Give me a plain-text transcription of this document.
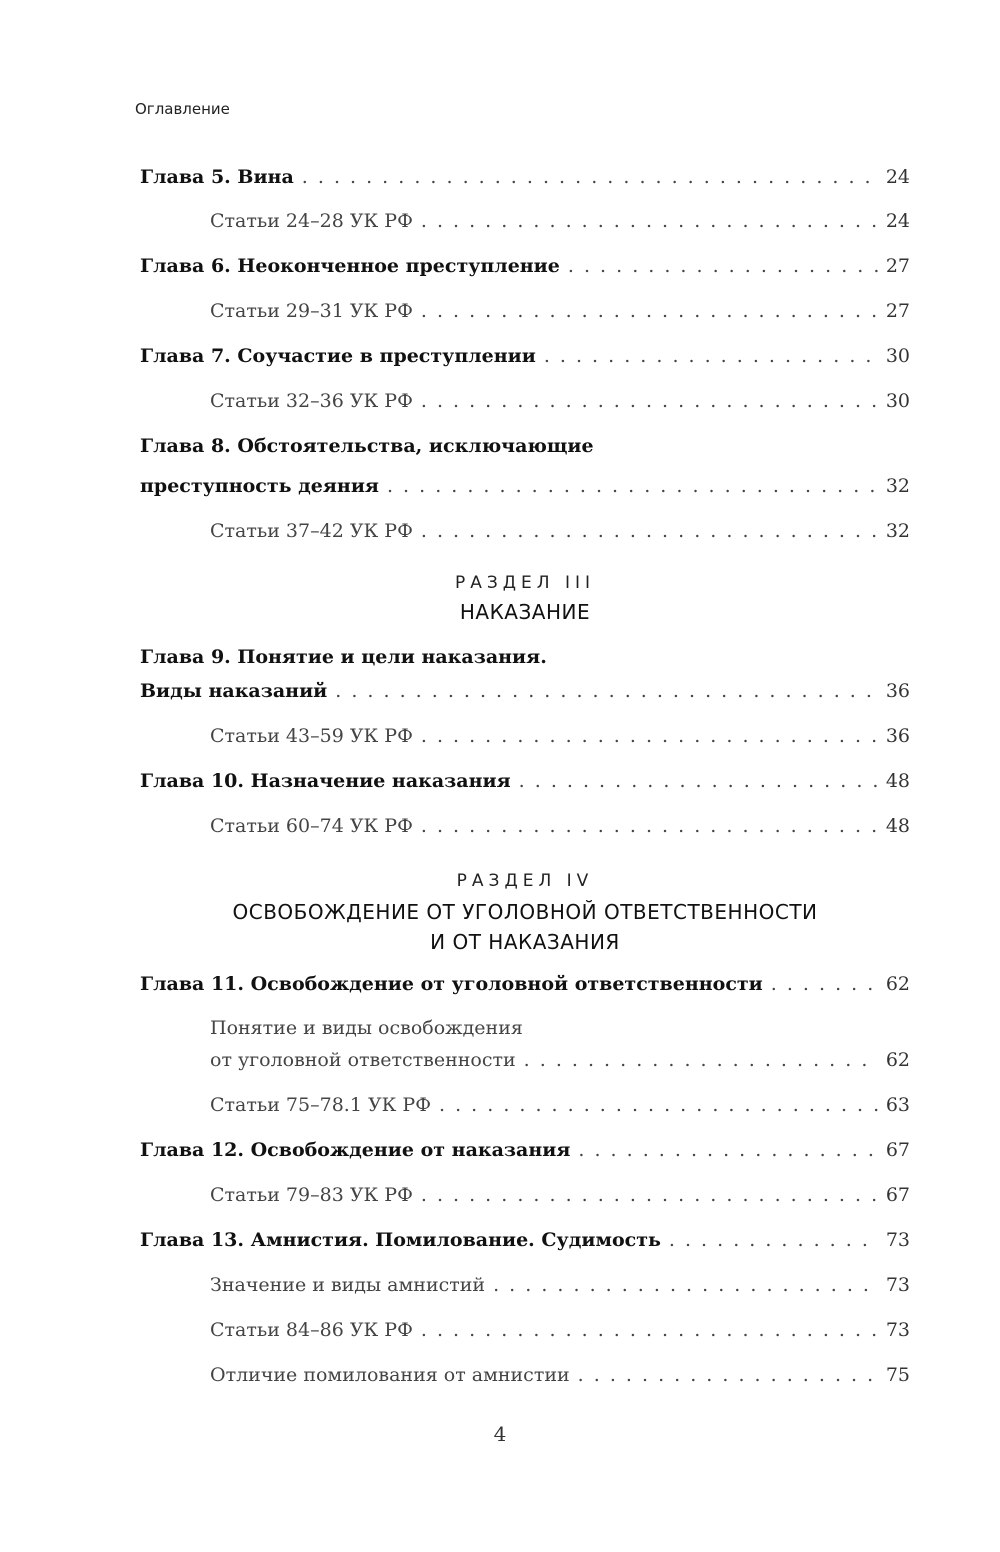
Оглавление
Глава 5. Вина . . .	24
Статьи 24–28 УК РФ . . .	24
Глава 6. Неоконченное преступление . . .	27
Статьи 29–31 УК РФ . . .	27
Глава 7. Соучастие в преступлении . . .	30
Статьи 32–36 УК РФ . . .	30
Глава 8. Обстоятельства, исключающие
преступность деяния . . .	32
Статьи 37–42 УК РФ . . .	32
РАЗДЕЛ III
НАКАЗАНИЕ
Глава 9. Понятие и цели наказания.
Виды наказаний . . .	36
Статьи 43–59 УК РФ . . .	36
Глава 10. Назначение наказания . . .	48
Статьи 60–74 УК РФ . . .	48
РАЗДЕЛ IV
ОСВОБОЖДЕНИЕ ОТ УГОЛОВНОЙ ОТВЕТСТВЕННОСТИ
И ОТ НАКАЗАНИЯ
Глава 11. Освобождение от уголовной ответственности . . .	62
Понятие и виды освобождения
от уголовной ответственности . . .	62
Статьи 75–78.1 УК РФ . . .	63
Глава 12. Освобождение от наказания . . .	67
Статьи 79–83 УК РФ . . .	67
Глава 13. Амнистия. Помилование. Судимость . . .	73
Значение и виды амнистий . . .	73
Статьи 84–86 УК РФ . . .	73
Отличие помилования от амнистии . . .	75
4
